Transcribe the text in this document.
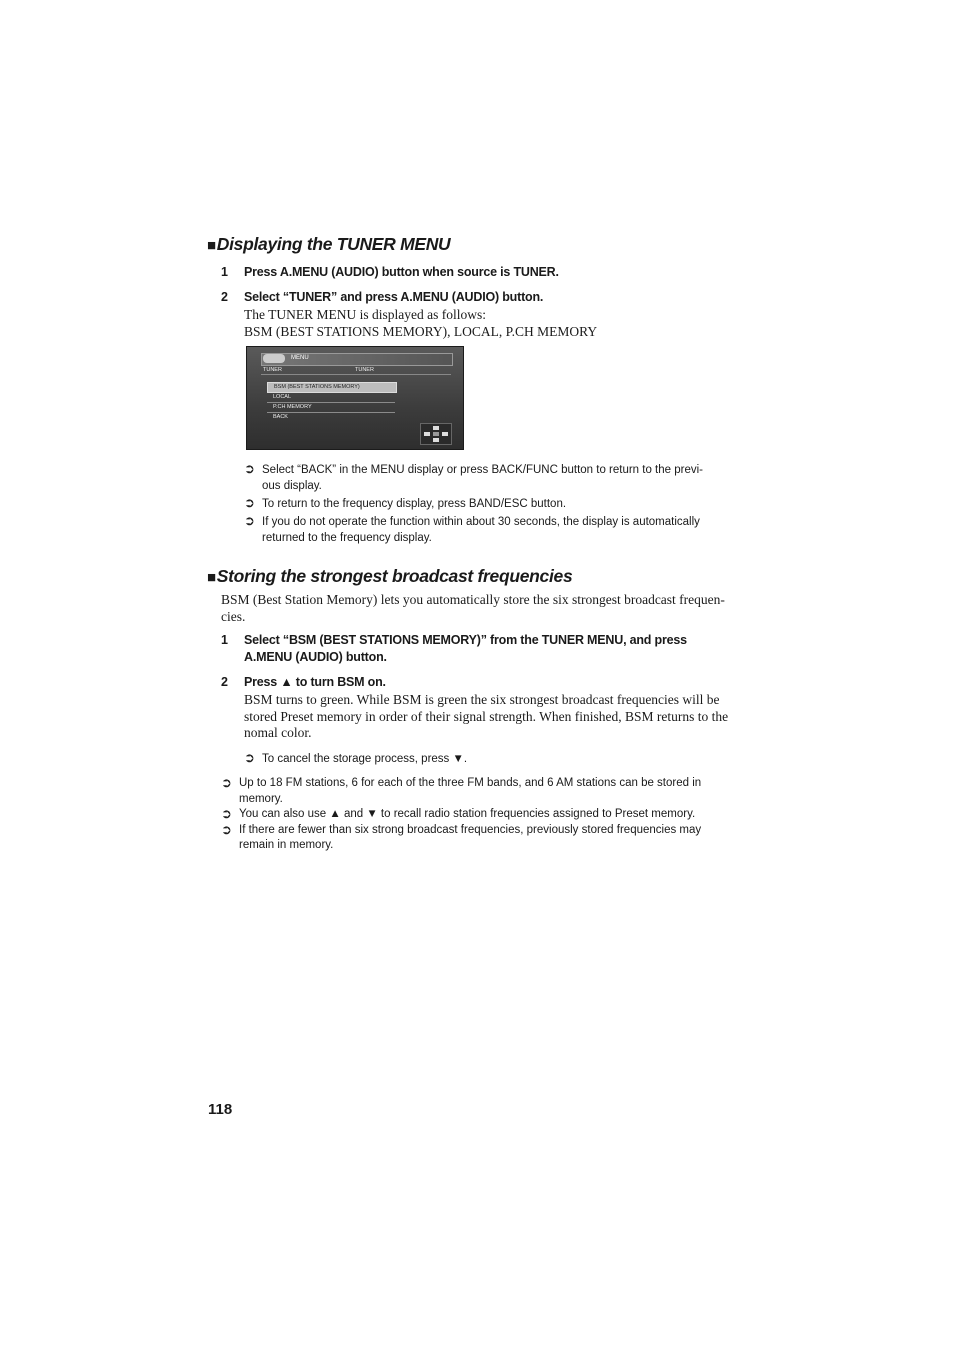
■Displaying the TUNER MENU
1 Press A.MENU (AUDIO) button when source is TUNER.
2 Select “TUNER” and press A.MENU (AUDIO) button.
The TUNER MENU is displayed as follows:
BSM (BEST STATIONS MEMORY), LOCAL, P.CH MEMORY
MENU
TUNER	TUNER
BSM (BEST STATIONS MEMORY)
LOCAL
P.CH MEMORY
BACK
➲ Select “BACK” in the MENU display or press BACK/FUNC button to return to the previ-
ous display.
➲ To return to the frequency display, press BAND/ESC button.
➲ If you do not operate the function within about 30 seconds, the display is automatically
returned to the frequency display.
■Storing the strongest broadcast frequencies
BSM (Best Station Memory) lets you automatically store the six strongest broadcast frequen-
cies.
1 Select “BSM (BEST STATIONS MEMORY)” from the TUNER MENU, and press
A.MENU (AUDIO) button.
2 Press ▲ to turn BSM on.
BSM turns to green. While BSM is green the six strongest broadcast frequencies will be
stored Preset memory in order of their signal strength. When finished, BSM returns to the
nomal color.
➲ To cancel the storage process, press ▼.
➲ Up to 18 FM stations, 6 for each of the three FM bands, and 6 AM stations can be stored in
memory.
➲ You can also use ▲ and ▼ to recall radio station frequencies assigned to Preset memory.
➲ If there are fewer than six strong broadcast frequencies, previously stored frequencies may
remain in memory.
118
